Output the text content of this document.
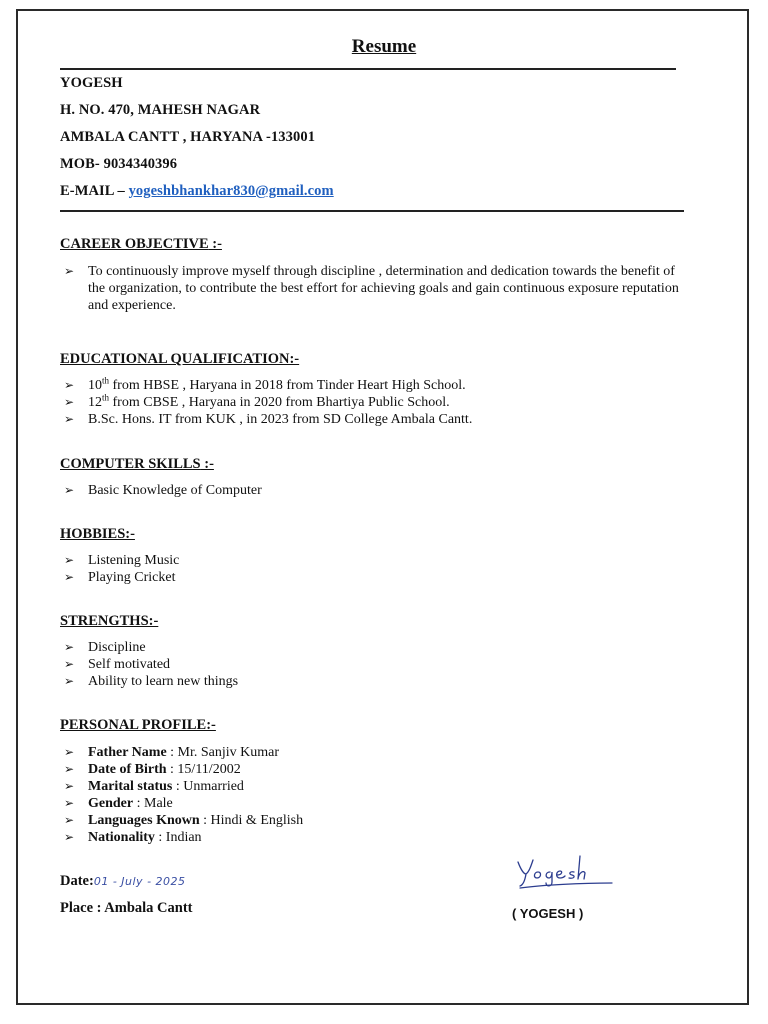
Resume
YOGESH
H. NO. 470, MAHESH NAGAR
AMBALA CANTT , HARYANA -133001
MOB- 9034340396
E-MAIL – yogeshbhankhar830@gmail.com
CAREER OBJECTIVE :-
➢ To continuously improve myself through discipline , determination and dedication towards the benefit of the organization, to contribute the best effort for achieving goals and gain continuous exposure reputation and experience.
EDUCATIONAL QUALIFICATION:-
➢ 10th from HBSE , Haryana in 2018 from Tinder Heart High School.
➢ 12th from CBSE , Haryana in 2020 from Bhartiya Public School.
➢ B.Sc. Hons. IT from KUK , in 2023 from SD College Ambala Cantt.
COMPUTER SKILLS :-
➢ Basic Knowledge of Computer
HOBBIES:-
➢ Listening Music
➢ Playing Cricket
STRENGTHS:-
➢ Discipline
➢ Self motivated
➢ Ability to learn new things
PERSONAL PROFILE:-
➢ Father Name : Mr. Sanjiv Kumar
➢ Date of Birth : 15/11/2002
➢ Marital status : Unmarried
➢ Gender : Male
➢ Languages Known : Hindi & English
➢ Nationality : Indian
Date:01 - July - 2025
Place : Ambala Cantt	( YOGESH )
